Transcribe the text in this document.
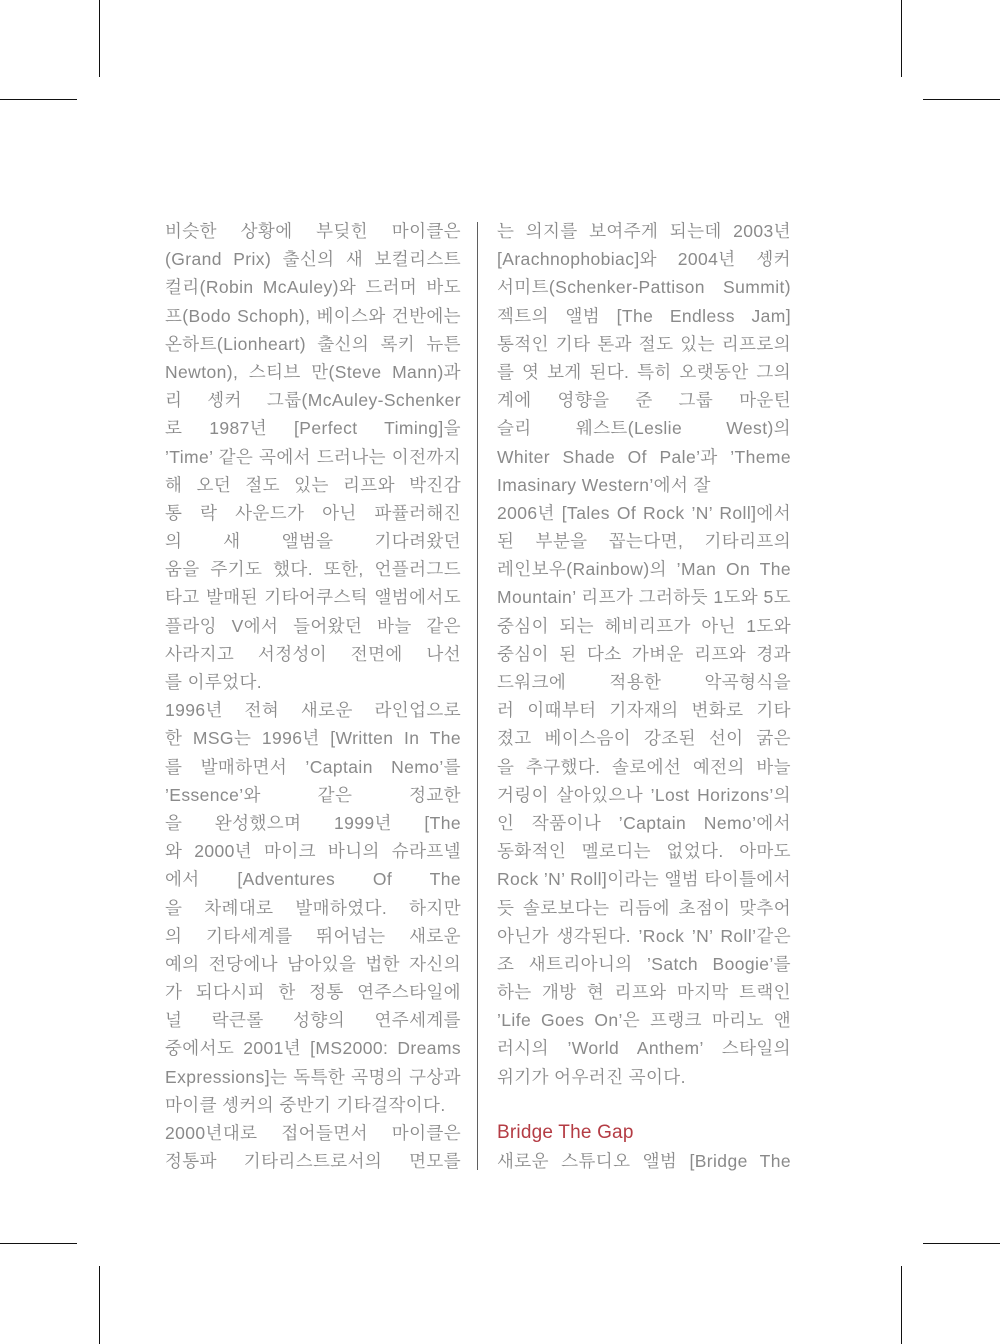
비슷한 상황에 부딪힌 마이클은
(Grand Prix) 출신의 새 보컬리스트
컬리(Robin McAuley)와 드러머 바도
프(Bodo Schoph), 베이스와 건반에는
온하트(Lionheart) 출신의 록키 뉴튼
Newton), 스티브 만(Steve Mann)과
리 솅커 그룹(McAuley-Schenker
로 1987년 [Perfect Timing]을
’Time’ 같은 곡에서 드러나는 이전까지
해 오던 절도 있는 리프와 박진감
통 락 사운드가 아닌 파퓰러해진
의 새 앨범을 기다려왔던
움을 주기도 했다. 또한, 언플러그드
타고 발매된 기타어쿠스틱 앨범에서도
플라잉 V에서 들어왔던 바늘 같은
사라지고 서정성이 전면에 나선
를 이루었다.
1996년 전혀 새로운 라인업으로
한 MSG는 1996년 [Written In The
를 발매하면서 ’Captain Nemo’를
’Essence’와 같은 정교한
을 완성했으며 1999년 [The
와 2000년 마이크 바니의 슈라프넬
에서 [Adventures Of The
을 차례대로 발매하였다. 하지만
의 기타세계를 뛰어넘는 새로운
예의 전당에나 남아있을 법한 자신의
가 되다시피 한 정통 연주스타일에
널 락큰롤 성향의 연주세계를
중에서도 2001년 [MS2000: Dreams
Expressions]는 독특한 곡명의 구상과
마이클 솅커의 중반기 기타걸작이다.
2000년대로 접어들면서 마이클은
정통파 기타리스트로서의 면모를
는 의지를 보여주게 되는데 2003년
[Arachnophobiac]와 2004년 솅커
서미트(Schenker-Pattison Summit)
젝트의 앨범 [The Endless Jam]
통적인 기타 톤과 절도 있는 리프로의
를 엿 보게 된다. 특히 오랫동안 그의
계에 영향을 준 그룹 마운틴
슬리 웨스트(Leslie West)의
Whiter Shade Of Pale’과 ’Theme
Imasinary Western’에서 잘
2006년 [Tales Of Rock ’N’ Roll]에서
된 부분을 꼽는다면, 기타리프의
레인보우(Rainbow)의 ’Man On The
Mountain’ 리프가 그러하듯 1도와 5도
중심이 되는 헤비리프가 아닌 1도와
중심이 된 다소 가벼운 리프와 경과
드워크에 적용한 악곡형식을
러 이때부터 기자재의 변화로 기타
졌고 베이스음이 강조된 선이 굵은
을 추구했다. 솔로에선 예전의 바늘
거링이 살아있으나 ’Lost Horizons’의
인 작품이나 ’Captain Nemo’에서
동화적인 멜로디는 없었다. 아마도
Rock ’N’ Roll]이라는 앨범 타이틀에서
듯 솔로보다는 리듬에 초점이 맞추어
아닌가 생각된다. ’Rock ’N’ Roll’같은
조 새트리아니의 ’Satch Boogie’를
하는 개방 현 리프와 마지막 트랙인
’Life Goes On’은 프랭크 마리노 앤
러시의 ’World Anthem’ 스타일의
위기가 어우러진 곡이다.
Bridge The Gap
새로운 스튜디오 앨범 [Bridge The
